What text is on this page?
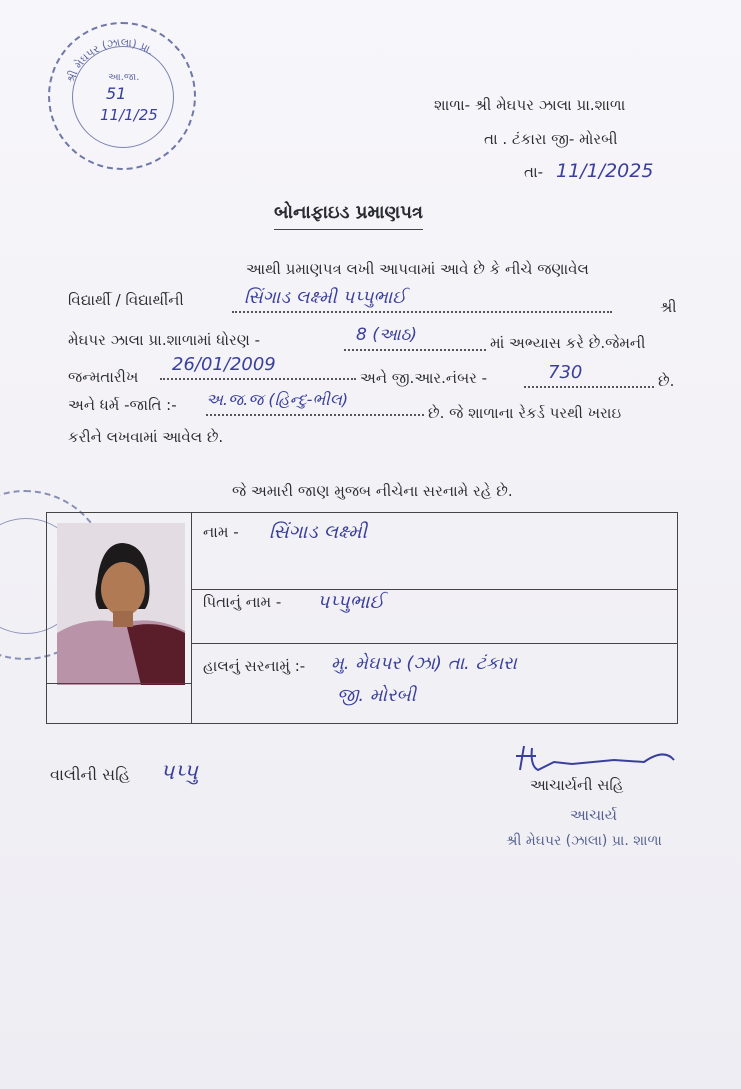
શ્રી મેઘપર (ઝાલા) પ્રા.
આ.જા.
51
11/1/25
શાળા- શ્રી મેઘપર ઝાલા પ્રા.શાળા
તા . ટંકારા જી- મોરબી
તા- 11/1/2025
બોનાફાઇડ પ્રમાણપત્ર
આથી પ્રમાણપત્ર લખી આપવામાં આવે છે કે નીચે જણાવેલ
વિદ્યાર્થી / વિદ્યાર્થીની	સિંગાડ લક્ષ્મી પપ્પુભાઈ	શ્રી
મેઘપર ઝાલા પ્રા.શાળામાં ધોરણ -	8 (આઠ)	માં અભ્યાસ કરે છે.જેમની
જન્મતારીખ
26/01/2009
અને જી.આર.નંબર -	730	છે.
અને ધર્મ -જાતિ :- અ.જ.જ (હિન્દુ-ભીલ)
છે. જે શાળાના રેકર્ડ પરથી ખરાઇ
કરીને લખવામાં આવેલ છે.
જે અમારી જાણ મુજબ નીચેના સરનામે રહે છે.
નામ - સિંગાડ લક્ષ્મી
પિતાનું નામ - પપ્પુભાઈ
હાલનું સરનામું :- મુ. મેઘપર (ઝા) તા. ટંકારા
જી. મોરબી
વાલીની સહિ પપ્પુ	આચાર્યની સહિ
આચાર્ય
શ્રી મેઘપર (ઝાલા) પ્રા. શાળા
